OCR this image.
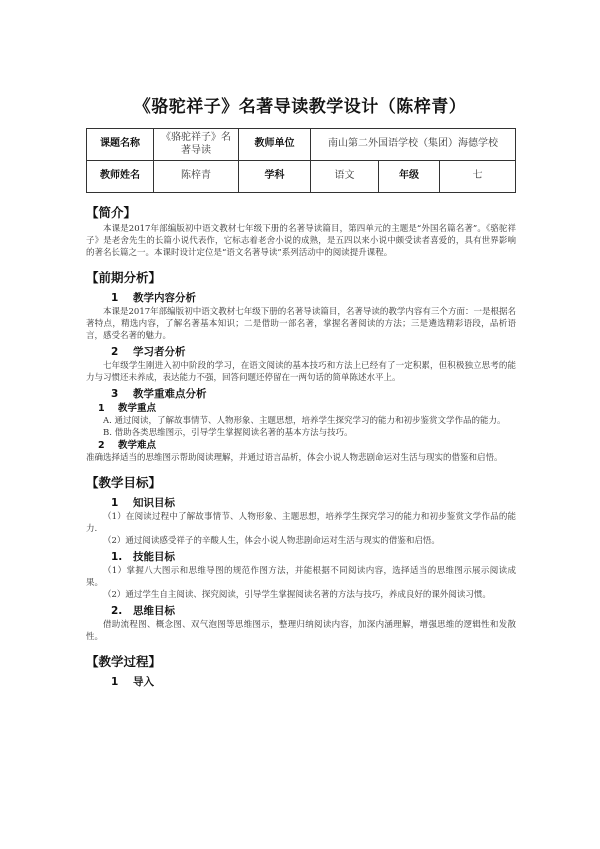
《骆驼祥子》名著导读教学设计（陈梓青）
课题名称	《骆驼祥子》名著导读	教师单位	南山第二外国语学校（集团）海德学校		
教师姓名	陈梓青	学科	语文	年级	七
【简介】
本课是2017年部编版初中语文教材七年级下册的名著导读篇目，第四单元的主题是“外国名篇名著”。《骆驼祥子》是老舍先生的长篇小说代表作，它标志着老舍小说的成熟，是五四以来小说中颇受读者喜爱的，具有世界影响的著名长篇之一。本课时设计定位是“语文名著导读”系列活动中的阅读提升课程。
【前期分析】
1 教学内容分析
本课是2017年部编版初中语文教材七年级下册的名著导读篇目，名著导读的教学内容有三个方面：一是根据名著特点，精选内容，了解名著基本知识；二是借助一部名著，掌握名著阅读的方法；三是遴选精彩语段，品析语言，感受名著的魅力。
2 学习者分析
七年级学生刚进入初中阶段的学习，在语文阅读的基本技巧和方法上已经有了一定积累，但积极独立思考的能力与习惯还未养成，表达能力不强，回答问题还停留在一两句话的简单陈述水平上。
3 教学重难点分析
1 教学重点
A. 通过阅读，了解故事情节、人物形象、主题思想，培养学生探究学习的能力和初步鉴赏文学作品的能力。
B. 借助各类思维图示，引导学生掌握阅读名著的基本方法与技巧。
2 教学难点
准确选择适当的思维图示帮助阅读理解，并通过语言品析，体会小说人物悲剧命运对生活与现实的借鉴和启悟。
【教学目标】
1 知识目标
（1）在阅读过程中了解故事情节、人物形象、主题思想，培养学生探究学习的能力和初步鉴赏文学作品的能力.
（2）通过阅读感受祥子的辛酸人生，体会小说人物悲剧命运对生活与现实的借鉴和启悟。
1. 技能目标
（1）掌握八大图示和思维导图的规范作图方法，并能根据不同阅读内容，选择适当的思维图示展示阅读成果。
（2）通过学生自主阅读、探究阅读，引导学生掌握阅读名著的方法与技巧，养成良好的课外阅读习惯。
2. 思维目标
借助流程图、概念图、双气泡图等思维图示，整理归纳阅读内容，加深内涵理解，增强思维的逻辑性和发散性。
【教学过程】
1 导入
